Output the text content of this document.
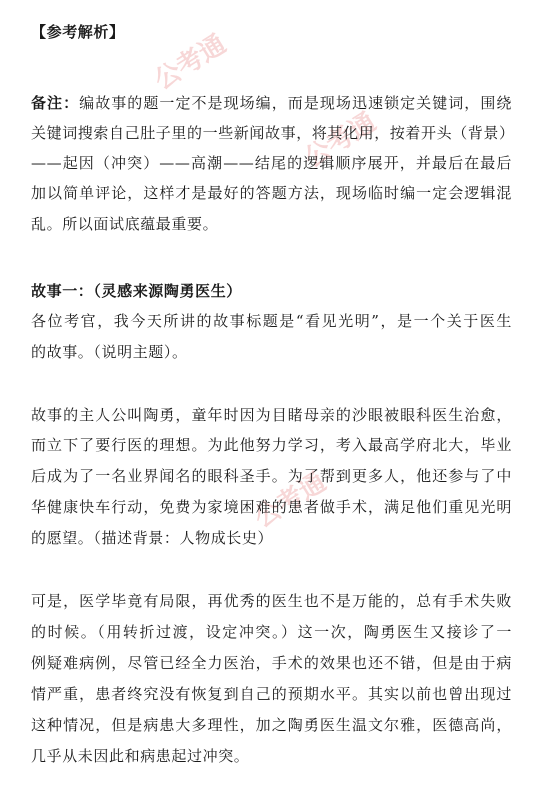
公考通
公考通
公考通
【参考解析】
备注：编故事的题一定不是现场编，而是现场迅速锁定关键词，围绕
关键词搜索自己肚子里的一些新闻故事，将其化用，按着开头（背景）
——起因（冲突）——高潮——结尾的逻辑顺序展开，并最后在最后
加以简单评论，这样才是最好的答题方法，现场临时编一定会逻辑混
乱。所以面试底蕴最重要。
故事一：（灵感来源陶勇医生）
各位考官，我今天所讲的故事标题是“看见光明”，是一个关于医生
的故事。（说明主题）。
故事的主人公叫陶勇，童年时因为目睹母亲的沙眼被眼科医生治愈，
而立下了要行医的理想。为此他努力学习，考入最高学府北大，毕业
后成为了一名业界闻名的眼科圣手。为了帮到更多人，他还参与了中
华健康快车行动，免费为家境困难的患者做手术，满足他们重见光明
的愿望。（描述背景：人物成长史）
可是，医学毕竟有局限，再优秀的医生也不是万能的，总有手术失败
的时候。（用转折过渡，设定冲突。）这一次，陶勇医生又接诊了一
例疑难病例，尽管已经全力医治，手术的效果也还不错，但是由于病
情严重，患者终究没有恢复到自己的预期水平。其实以前也曾出现过
这种情况，但是病患大多理性，加之陶勇医生温文尔雅，医德高尚，
几乎从未因此和病患起过冲突。
